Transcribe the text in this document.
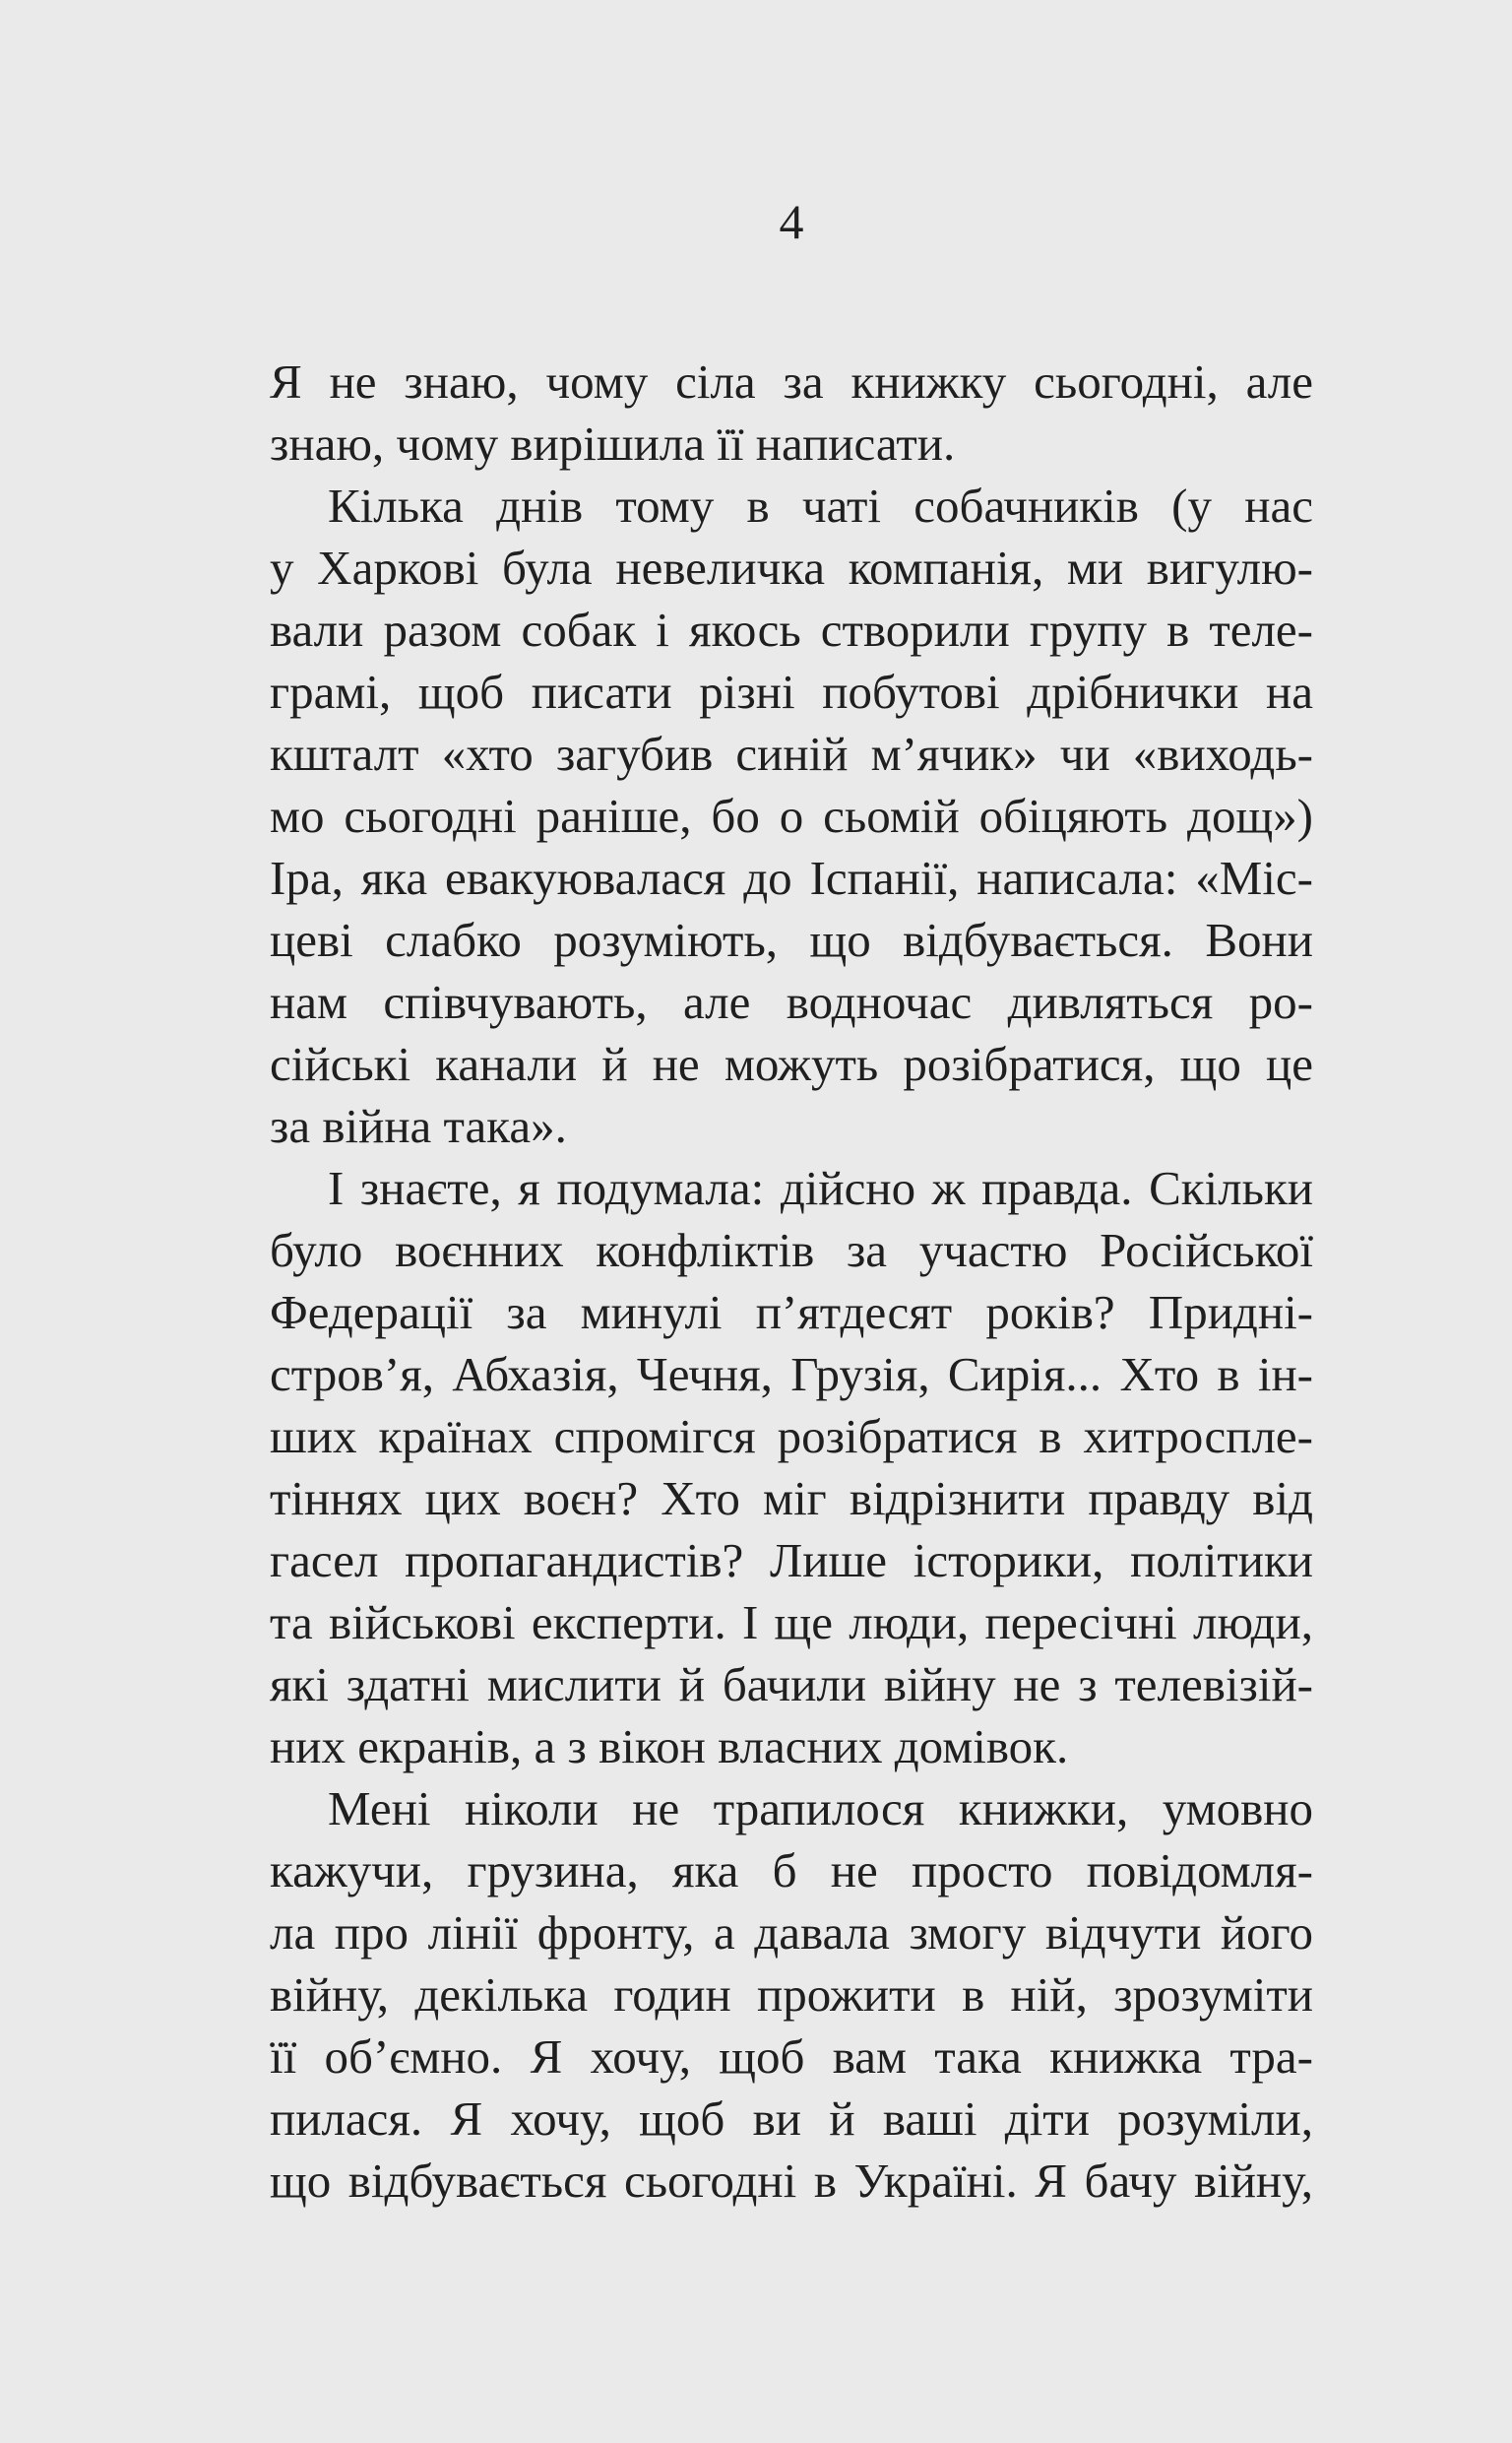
4
Я не знаю, чому сіла за книжку сьогодні, але
знаю, чому вирішила її написати.
Кілька днів тому в чаті собачників (у нас
у Харкові була невеличка компанія, ми вигулю-
вали разом собак і якось створили групу в теле-
грамі, щоб писати різні побутові дрібнички на
кшталт «хто загубив синій м’ячик» чи «виходь-
мо сьогодні раніше, бо о сьомій обіцяють дощ»)
Іра, яка евакуювалася до Іспанії, написала: «Міс-
цеві слабко розуміють, що відбувається. Вони
нам співчувають, але водночас дивляться ро-
сійські канали й не можуть розібратися, що це
за війна така».
І знаєте, я подумала: дійсно ж правда. Скільки
було воєнних конфліктів за участю Російської
Федерації за минулі п’ятдесят років? Придні-
стров’я, Абхазія, Чечня, Грузія, Сирія... Хто в ін-
ших країнах спромігся розібратися в хитроспле-
тіннях цих воєн? Хто міг відрізнити правду від
гасел пропагандистів? Лише історики, політики
та військові експерти. І ще люди, пересічні люди,
які здатні мислити й бачили війну не з телевізій-
них екранів, а з вікон власних домівок.
Мені ніколи не трапилося книжки, умовно
кажучи, грузина, яка б не просто повідомля-
ла про лінії фронту, а давала змогу відчути його
війну, декілька годин прожити в ній, зрозуміти
її об’ємно. Я хочу, щоб вам така книжка тра-
пилася. Я хочу, щоб ви й ваші діти розуміли,
що відбувається сьогодні в Україні. Я бачу війну,
